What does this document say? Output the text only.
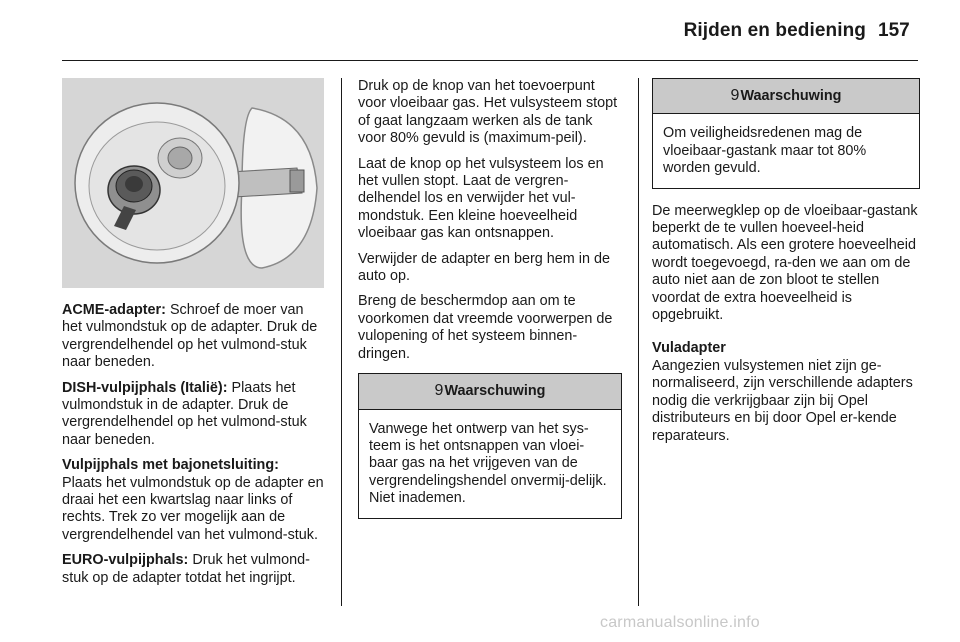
Rijden en bediening 157

ACME-adapter: Schroef de moer van het vulmondstuk op de adapter. Druk de vergrendelhendel op het vulmond-stuk naar beneden.

DISH-vulpijphals (Italië): Plaats het vulmondstuk in de adapter. Druk de vergrendelhendel op het vulmond-stuk naar beneden.

Vulpijphals met bajonetsluiting:
Plaats het vulmondstuk op de adapter en draai het een kwartslag naar links of rechts. Trek zo ver mogelijk aan de vergrendelhendel van het vulmond-stuk.

EURO-vulpijphals: Druk het vulmond-stuk op de adapter totdat het ingrijpt.

Druk op de knop van het toevoerpunt voor vloeibaar gas. Het vulsysteem stopt of gaat langzaam werken als de tank voor 80% gevuld is (maximum-peil).

Laat de knop op het vulsysteem los en het vullen stopt. Laat de vergren-delhendel los en verwijder het vul-mondstuk. Een kleine hoeveelheid vloeibaar gas kan ontsnappen.

Verwijder de adapter en berg hem in de auto op.

Breng de beschermdop aan om te voorkomen dat vreemde voorwerpen de vulopening of het systeem binnen-dringen.

9Waarschuwing
Vanwege het ontwerp van het sys-teem is het ontsnappen van vloei-baar gas na het vrijgeven van de vergrendelingshendel onvermij-delijk. Niet inademen.
9Waarschuwing
Om veiligheidsredenen mag de vloeibaar-gastank maar tot 80% worden gevuld.

De meerwegklep op de vloeibaar-gastank beperkt de te vullen hoeveel-heid automatisch. Als een grotere hoeveelheid wordt toegevoegd, ra-den we aan om de auto niet aan de zon bloot te stellen voordat de extra hoeveelheid is opgebruikt.

Vuladapter

Aangezien vulsystemen niet zijn ge-normaliseerd, zijn verschillende adapters nodig die verkrijgbaar zijn bij Opel distributeurs en bij door Opel er-kende reparateurs.

carmanualsonline.info
